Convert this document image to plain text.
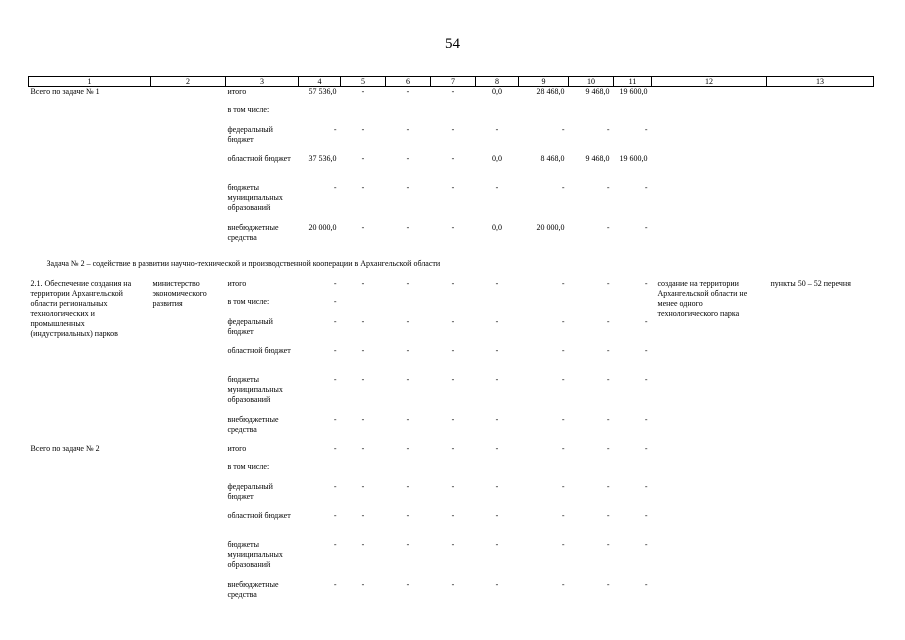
54
1	2	3	4	5	6	7	8	9	10	11	12	13
Всего по задаче № 1		итого	57 536,0	-	-	-	0,0	28 468,0	9 468,0	19 600,0		
		в том числе:										
		федеральный бюджет	-	-	-	-	-	-	-	-		
		областной бюджет	37 536,0	-	-	-	0,0	8 468,0	9 468,0	19 600,0		
		бюджеты муниципальных образований	-	-	-	-	-	-	-	-		
		внебюджетные средства	20 000,0	-	-	-	0,0	20 000,0	-	-		
Задача № 2 – содействие в развитии научно-технической и производственной кооперации в Архангельской области												
2.1. Обеспечение создания на территории Архангельской области региональных технологических и промышленных (индустриальных) парков	министерство экономического развития	итого	-	-	-	-	-	-	-	-	создание на территории Архангельской области не менее одного технологического парка	пункты 50 – 52 перечня
		в том числе:	-									
		федеральный бюджет	-	-	-	-	-	-	-	-		
		областной бюджет	-	-	-	-	-	-	-	-		
		бюджеты муниципальных образований	-	-	-	-	-	-	-	-		
		внебюджетные средства	-	-	-	-	-	-	-	-		
Всего по задаче № 2		итого	-	-	-	-	-	-	-	-		
		в том числе:										
		федеральный бюджет	-	-	-	-	-	-	-	-		
		областной бюджет	-	-	-	-	-	-	-	-		
		бюджеты муниципальных образований	-	-	-	-	-	-	-	-		
		внебюджетные средства	-	-	-	-	-	-	-	-		
